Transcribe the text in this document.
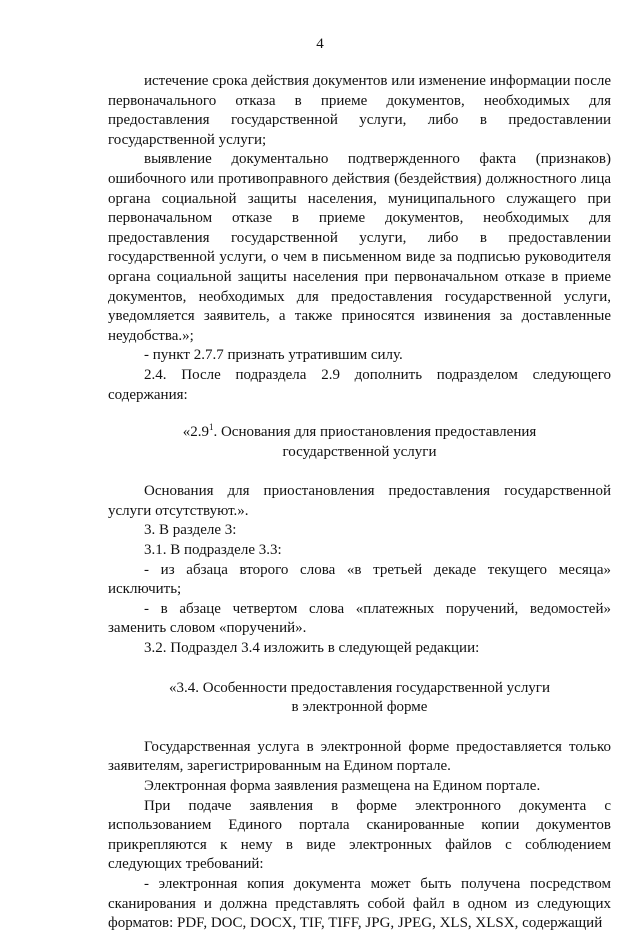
4

истечение срока действия документов или изменение информации после первоначального отказа в приеме документов, необходимых для предоставления государственной услуги, либо в предоставлении государственной услуги;

выявление документально подтвержденного факта (признаков) ошибочного или противоправного действия (бездействия) должностного лица органа социальной защиты населения, муниципального служащего при первоначальном отказе в приеме документов, необходимых для предоставления государственной услуги, либо в предоставлении государственной услуги, о чем в письменном виде за подписью руководителя органа социальной защиты населения при первоначальном отказе в приеме документов, необходимых для предоставления государственной услуги, уведомляется заявитель, а также приносятся извинения за доставленные неудобства.»;

- пункт 2.7.7 признать утратившим силу.

2.4. После подраздела 2.9 дополнить подразделом следующего содержания:

«$2.9^1$. Основания для приостановления предоставления

государственной услуги

Основания для приостановления предоставления государственной услуги отсутствуют.».

3. В разделе 3:

3.1. В подразделе 3.3:

- из абзаца второго слова «в третьей декаде текущего месяца» исключить;

- в абзаце четвертом слова «платежных поручений, ведомостей» заменить словом «поручений».

3.2. Подраздел 3.4 изложить в следующей редакции:

«3.4. Особенности предоставления государственной услуги

в электронной форме

Государственная услуга в электронной форме предоставляется только заявителям, зарегистрированным на Едином портале.

Электронная форма заявления размещена на Едином портале.

При подаче заявления в форме электронного документа с использованием Единого портала сканированные копии документов прикрепляются к нему в виде электронных файлов с соблюдением следующих требований:

- электронная копия документа может быть получена посредством сканирования и должна представлять собой файл в одном из следующих форматов: PDF, DOC, DOCX, TIF, TIFF, JPG, JPEG, XLS, XLSX, содержащий
